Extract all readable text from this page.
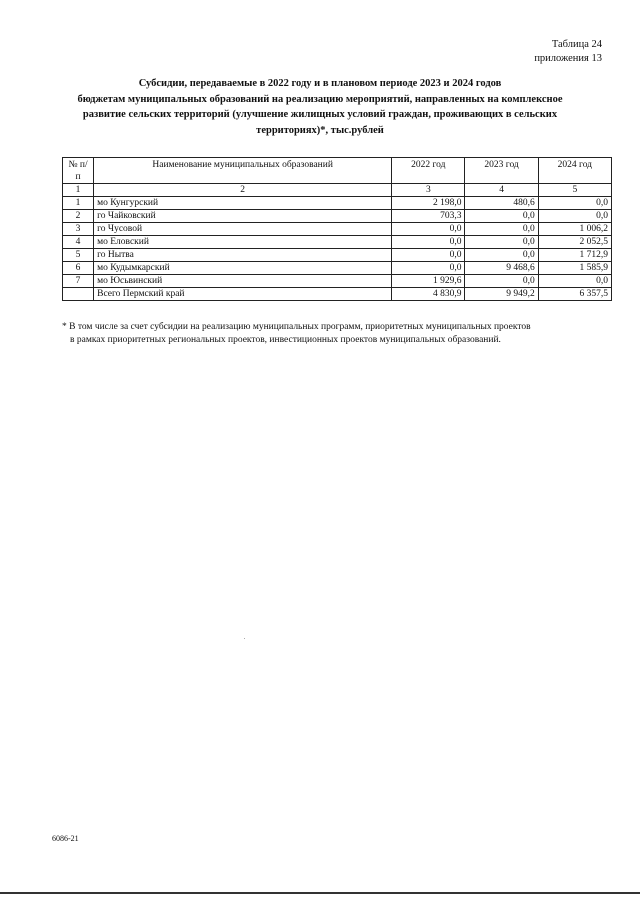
Таблица 24
приложения 13
Субсидии, передаваемые в 2022 году и в плановом периоде 2023 и 2024 годов
бюджетам муниципальных образований на реализацию мероприятий, направленных на комплексное
развитие сельских территорий (улучшение жилищных условий граждан, проживающих в сельских
территориях)*, тыс.рублей
№ п/п	Наименование муниципальных образований	2022 год	2023 год	2024 год
1	2	3	4	5
1	мо Кунгурский	2 198,0	480,6	0,0
2	го Чайковский	703,3	0,0	0,0
3	го Чусовой	0,0	0,0	1 006,2
4	мо Еловский	0,0	0,0	2 052,5
5	го Нытва	0,0	0,0	1 712,9
6	мо Кудымкарский	0,0	9 468,6	1 585,9
7	мо Юсьвинский	1 929,6	0,0	0,0
	Всего Пермский край	4 830,9	9 949,2	6 357,5
* В том числе за счет субсидии на реализацию муниципальных программ, приоритетных муниципальных проектов
в рамках приоритетных региональных проектов, инвестиционных проектов муниципальных образований.
6086-21
